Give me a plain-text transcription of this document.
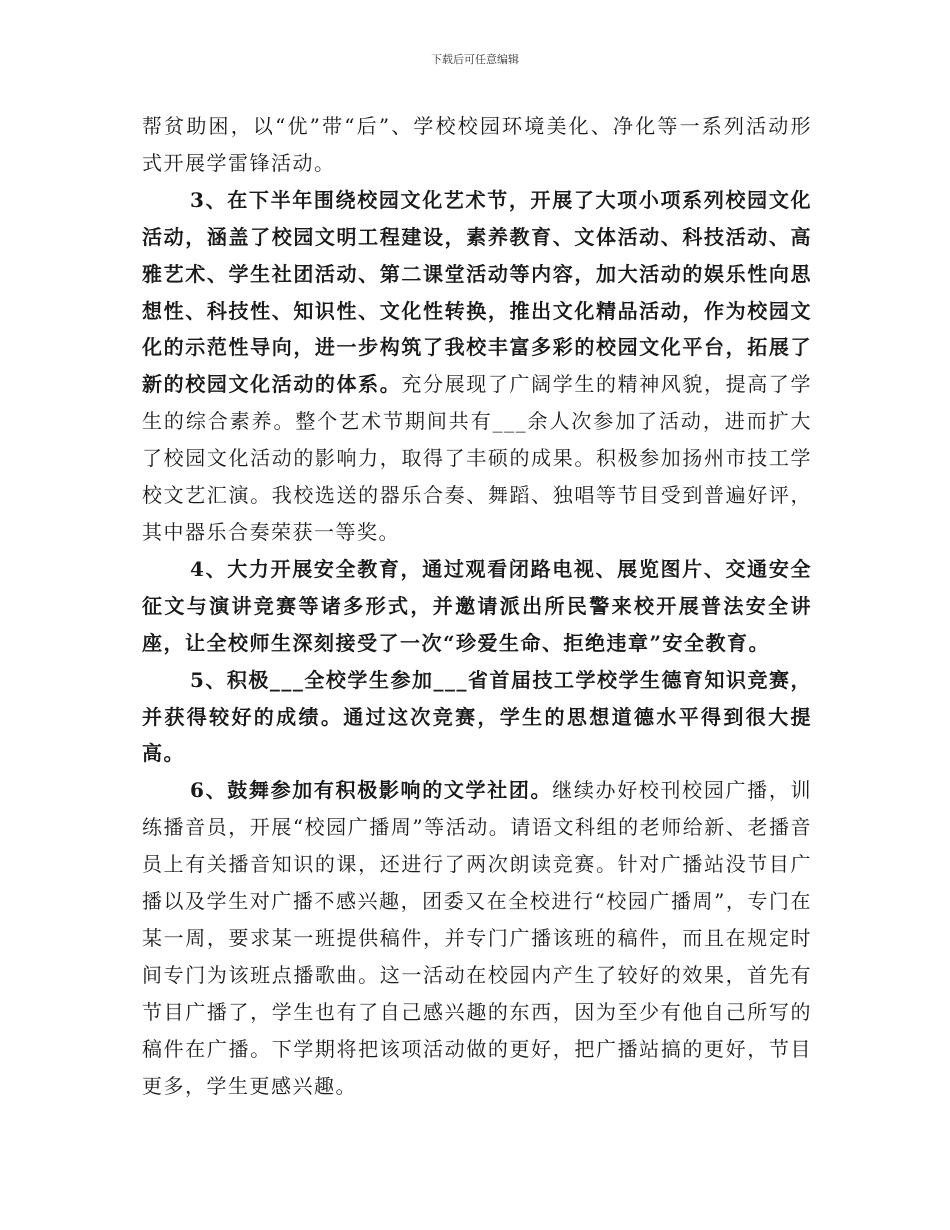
下载后可任意编辑

帮贫助困，以“优”带“后”、学校校园环境美化、净化等一系列活动形式开展学雷锋活动。

3、在下半年围绕校园文化艺术节，开展了大项小项系列校园文化活动，涵盖了校园文明工程建设，素养教育、文体活动、科技活动、高雅艺术、学生社团活动、第二课堂活动等内容，加大活动的娱乐性向思想性、科技性、知识性、文化性转换，推出文化精品活动，作为校园文化的示范性导向，进一步构筑了我校丰富多彩的校园文化平台，拓展了新的校园文化活动的体系。充分展现了广阔学生的精神风貌，提高了学生的综合素养。整个艺术节期间共有___余人次参加了活动，进而扩大了校园文化活动的影响力，取得了丰硕的成果。积极参加扬州市技工学校文艺汇演。我校选送的器乐合奏、舞蹈、独唱等节目受到普遍好评，其中器乐合奏荣获一等奖。

4、大力开展安全教育，通过观看闭路电视、展览图片、交通安全征文与演讲竞赛等诸多形式，并邀请派出所民警来校开展普法安全讲座，让全校师生深刻接受了一次“珍爱生命、拒绝违章”安全教育。

5、积极___全校学生参加___省首届技工学校学生德育知识竞赛，并获得较好的成绩。通过这次竞赛，学生的思想道德水平得到很大提高。

6、鼓舞参加有积极影响的文学社团。继续办好校刊校园广播，训练播音员，开展“校园广播周”等活动。请语文科组的老师给新、老播音员上有关播音知识的课，还进行了两次朗读竞赛。针对广播站没节目广播以及学生对广播不感兴趣，团委又在全校进行“校园广播周”，专门在某一周，要求某一班提供稿件，并专门广播该班的稿件，而且在规定时间专门为该班点播歌曲。这一活动在校园内产生了较好的效果，首先有节目广播了，学生也有了自己感兴趣的东西，因为至少有他自己所写的稿件在广播。下学期将把该项活动做的更好，把广播站搞的更好，节目更多，学生更感兴趣。
